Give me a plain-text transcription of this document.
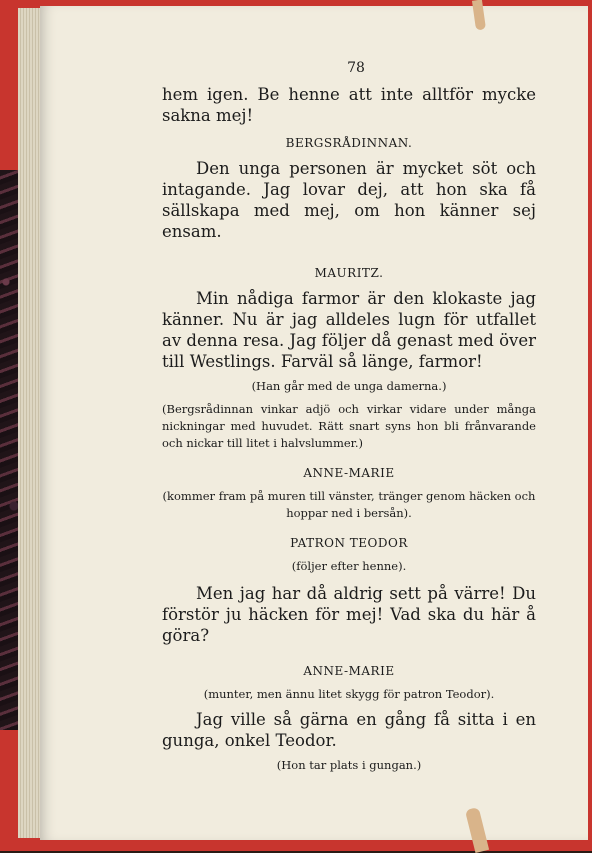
78

hem igen. Be henne att inte alltför mycke sakna mej!

BERGSRÅDINNAN.

Den unga personen är mycket söt och intagande. Jag lovar dej, att hon ska få sällskapa med mej, om hon känner sej ensam.

MAURITZ.

Min nådiga farmor är den klokaste jag känner. Nu är jag alldeles lugn för utfallet av denna resa. Jag följer då genast med över till Westlings. Farväl så länge, farmor!

(Han går med de unga damerna.)

(Bergsrådinnan vinkar adjö och virkar vidare under många nickningar med huvudet. Rätt snart syns hon bli frånvarande och nickar till litet i halvslummer.)

ANNE-MARIE

(kommer fram på muren till vänster, tränger genom häcken och hoppar ned i bersån).

PATRON TEODOR

(följer efter henne).

Men jag har då aldrig sett på värre! Du förstör ju häcken för mej! Vad ska du här å göra?

ANNE-MARIE

(munter, men ännu litet skygg för patron Teodor).

Jag ville så gärna en gång få sitta i en gunga, onkel Teodor.

(Hon tar plats i gungan.)
